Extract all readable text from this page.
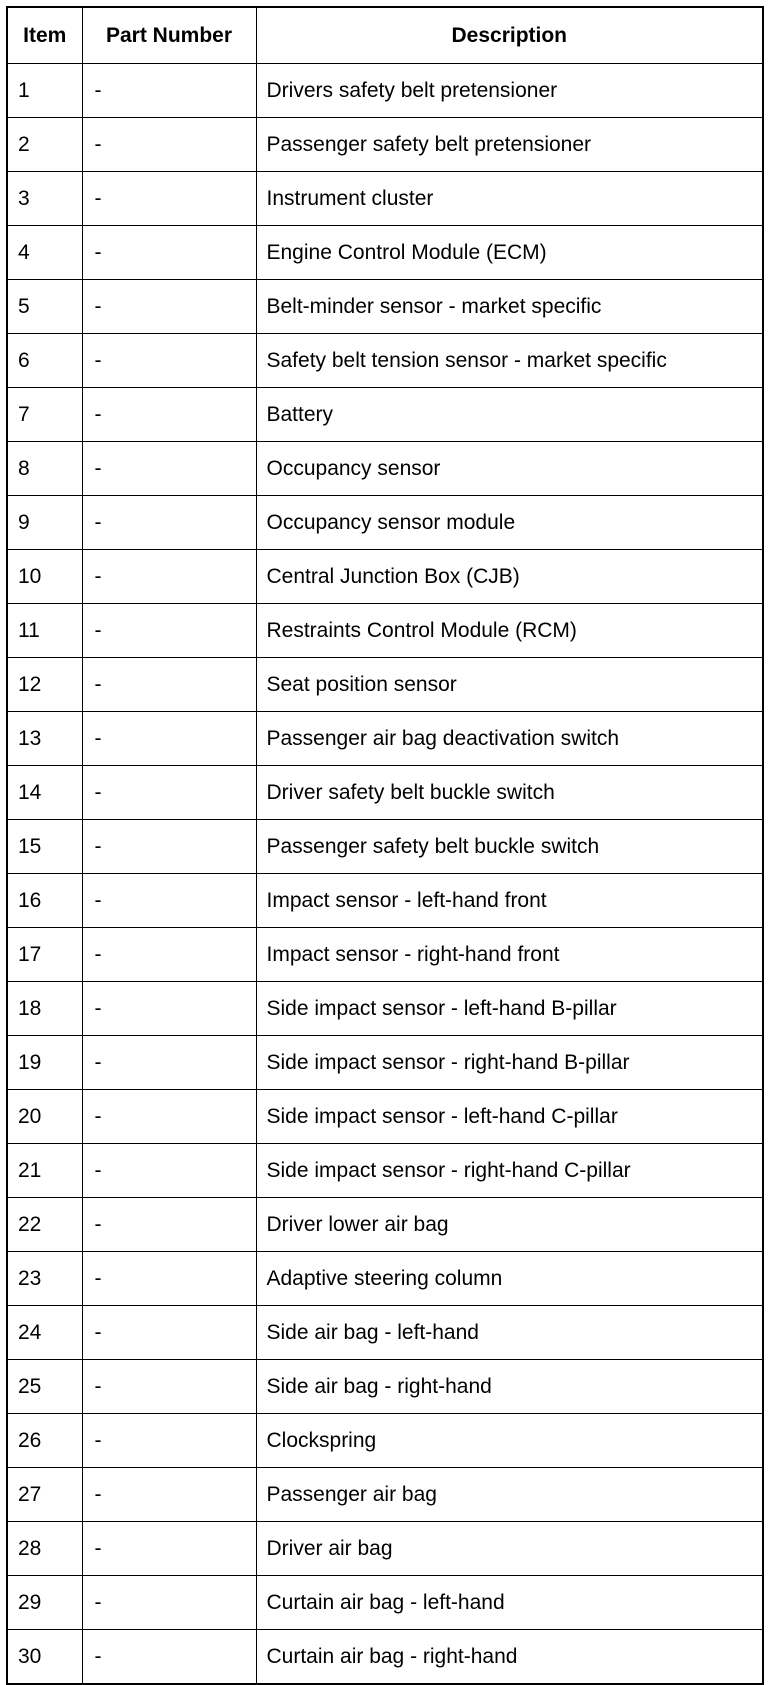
Item	Part Number	Description
1	-	Drivers safety belt pretensioner
2	-	Passenger safety belt pretensioner
3	-	Instrument cluster
4	-	Engine Control Module (ECM)
5	-	Belt-minder sensor - market specific
6	-	Safety belt tension sensor - market specific
7	-	Battery
8	-	Occupancy sensor
9	-	Occupancy sensor module
10	-	Central Junction Box (CJB)
11	-	Restraints Control Module (RCM)
12	-	Seat position sensor
13	-	Passenger air bag deactivation switch
14	-	Driver safety belt buckle switch
15	-	Passenger safety belt buckle switch
16	-	Impact sensor - left-hand front
17	-	Impact sensor - right-hand front
18	-	Side impact sensor - left-hand B-pillar
19	-	Side impact sensor - right-hand B-pillar
20	-	Side impact sensor - left-hand C-pillar
21	-	Side impact sensor - right-hand C-pillar
22	-	Driver lower air bag
23	-	Adaptive steering column
24	-	Side air bag - left-hand
25	-	Side air bag - right-hand
26	-	Clockspring
27	-	Passenger air bag
28	-	Driver air bag
29	-	Curtain air bag - left-hand
30	-	Curtain air bag - right-hand
